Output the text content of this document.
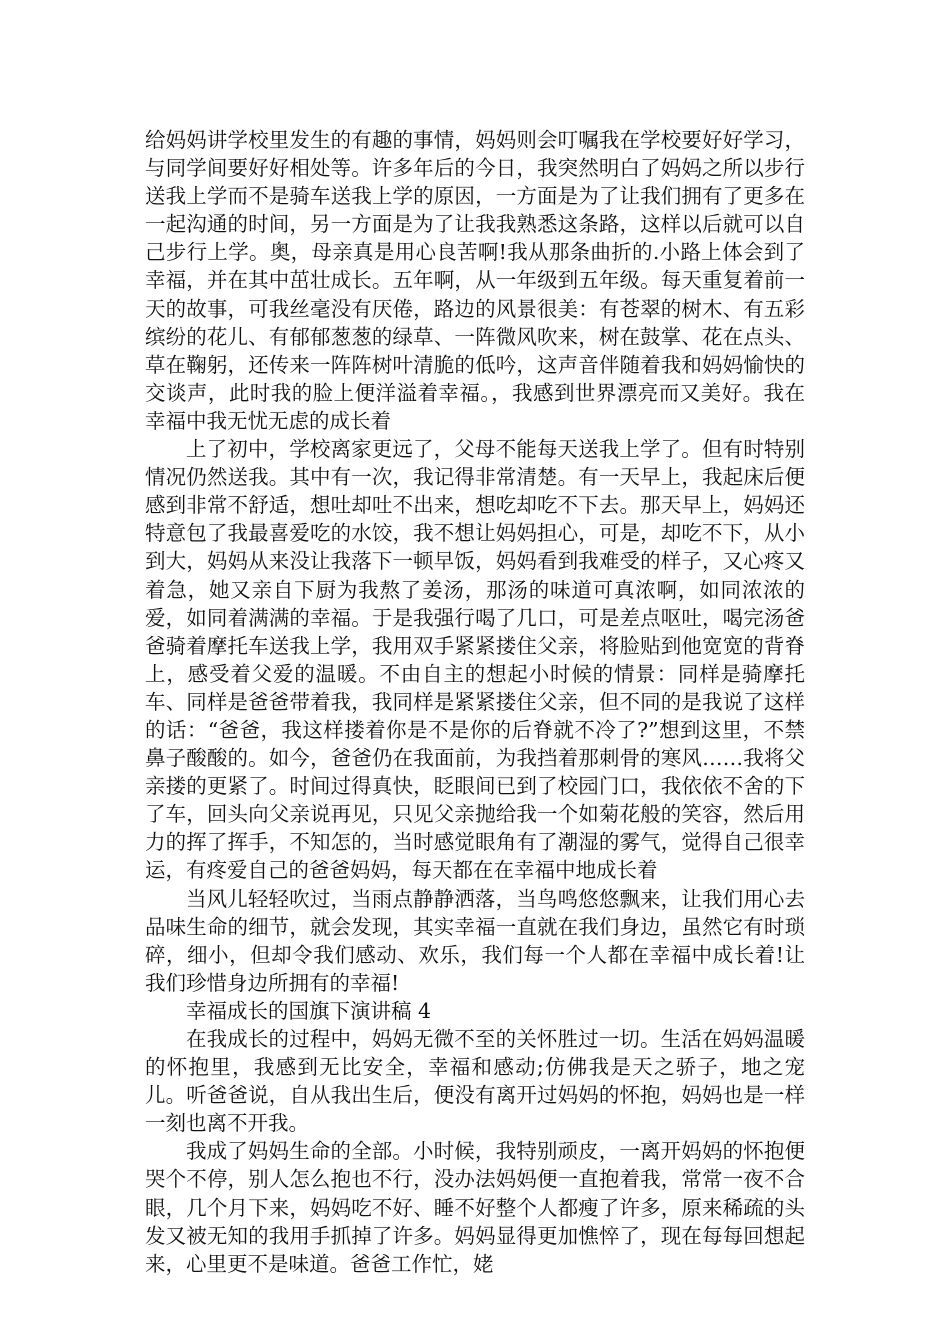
给妈妈讲学校里发生的有趣的事情，妈妈则会叮嘱我在学校要好好学习，与同学间要好好相处等。许多年后的今日，我突然明白了妈妈之所以步行送我上学而不是骑车送我上学的原因，一方面是为了让我们拥有了更多在一起沟通的时间，另一方面是为了让我我熟悉这条路，这样以后就可以自己步行上学。奥，母亲真是用心良苦啊!我从那条曲折的.小路上体会到了幸福，并在其中茁壮成长。五年啊，从一年级到五年级。每天重复着前一天的故事，可我丝毫没有厌倦，路边的风景很美：有苍翠的树木、有五彩缤纷的花儿、有郁郁葱葱的绿草、一阵微风吹来，树在鼓掌、花在点头、草在鞠躬，还传来一阵阵树叶清脆的低吟，这声音伴随着我和妈妈愉快的交谈声，此时我的脸上便洋溢着幸福。，我感到世界漂亮而又美好。我在幸福中我无忧无虑的成长着

上了初中，学校离家更远了，父母不能每天送我上学了。但有时特别情况仍然送我。其中有一次，我记得非常清楚。有一天早上，我起床后便感到非常不舒适，想吐却吐不出来，想吃却吃不下去。那天早上，妈妈还特意包了我最喜爱吃的水饺，我不想让妈妈担心，可是，却吃不下，从小到大，妈妈从来没让我落下一顿早饭，妈妈看到我难受的样子，又心疼又着急，她又亲自下厨为我熬了姜汤，那汤的味道可真浓啊，如同浓浓的爱，如同着满满的幸福。于是我强行喝了几口，可是差点呕吐，喝完汤爸爸骑着摩托车送我上学，我用双手紧紧搂住父亲，将脸贴到他宽宽的背脊上，感受着父爱的温暖。不由自主的想起小时候的情景：同样是骑摩托车、同样是爸爸带着我，我同样是紧紧搂住父亲，但不同的是我说了这样的话：“爸爸，我这样搂着你是不是你的后脊就不冷了?”想到这里，不禁鼻子酸酸的。如今，爸爸仍在我面前，为我挡着那刺骨的寒风……我将父亲搂的更紧了。时间过得真快，眨眼间已到了校园门口，我依依不舍的下了车，回头向父亲说再见，只见父亲抛给我一个如菊花般的笑容，然后用力的挥了挥手，不知怎的，当时感觉眼角有了潮湿的雾气，觉得自己很幸运，有疼爱自己的爸爸妈妈，每天都在在幸福中地成长着

当风儿轻轻吹过，当雨点静静洒落，当鸟鸣悠悠飘来，让我们用心去品味生命的细节，就会发现，其实幸福一直就在我们身边，虽然它有时琐碎，细小，但却令我们感动、欢乐，我们每一个人都在幸福中成长着!让我们珍惜身边所拥有的幸福!

幸福成长的国旗下演讲稿 4

在我成长的过程中，妈妈无微不至的关怀胜过一切。生活在妈妈温暖的怀抱里，我感到无比安全，幸福和感动;仿佛我是天之骄子，地之宠儿。听爸爸说，自从我出生后，便没有离开过妈妈的怀抱，妈妈也是一样一刻也离不开我。

我成了妈妈生命的全部。小时候，我特别顽皮，一离开妈妈的怀抱便哭个不停，别人怎么抱也不行，没办法妈妈便一直抱着我，常常一夜不合眼，几个月下来，妈妈吃不好、睡不好整个人都瘦了许多，原来稀疏的头发又被无知的我用手抓掉了许多。妈妈显得更加憔悴了，现在每每回想起来，心里更不是味道。爸爸工作忙，姥
